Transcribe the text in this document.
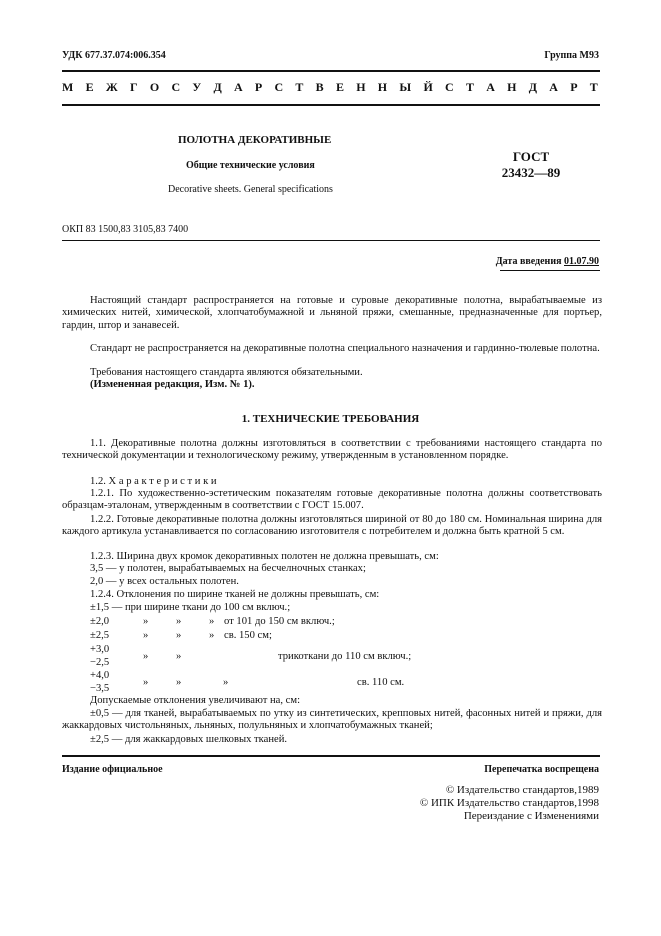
УДК 677.37.074:006.354	Группа М93
М Е Ж Г О С У Д А Р С Т В Е Н Н Ы Й С Т А Н Д А Р Т
ПОЛОТНА ДЕКОРАТИВНЫЕ
Общие технические условия
Decorative sheets. General specifications
ГОСТ
23432—89
ОКП 83 1500,83 3105,83 7400
Дата введения 01.07.90
Настоящий стандарт распространяется на готовые и суровые декоративные полотна, вырабатываемые из химических нитей, химической, хлопчатобумажной и льняной пряжи, смешанные, предназначенные для портьер, гардин, штор и занавесей.
Стандарт не распространяется на декоративные полотна специального назначения и гардинно-тюлевые полотна.
Требования настоящего стандарта являются обязательными.
(Измененная редакция, Изм. № 1).
1. ТЕХНИЧЕСКИЕ ТРЕБОВАНИЯ
1.1. Декоративные полотна должны изготовляться в соответствии с требованиями настоящего стандарта по технической документации и технологическому режиму, утвержденным в установленном порядке.
1.2. Х а р а к т е р и с т и к и
1.2.1. По художественно-эстетическим показателям готовые декоративные полотна должны соответствовать образцам-эталонам, утвержденным в соответствии с ГОСТ 15.007.
1.2.2. Готовые декоративные полотна должны изготовляться шириной от 80 до 180 см. Номинальная ширина для каждого артикула устанавливается по согласованию изготовителя с потребителем и должна быть кратной 5 см.
1.2.3. Ширина двух кромок декоративных полотен не должна превышать, см:
3,5 — у полотен, вырабатываемых на бесчелночных станках;
2,0 — у всех остальных полотен.
1.2.4. Отклонения по ширине тканей не должны превышать, см:
±1,5 — при ширине ткани до 100 см включ.;
±2,0	»	»	» от 101 до 150 см включ.;
±2,5	»	»	» св. 150 см;
+3,0
−2,5
»	»	трикоткани до 110 см включ.;
+4,0
−3,5
»	»	»	св. 110 см.
Допускаемые отклонения увеличивают на, см:
±0,5 — для тканей, вырабатываемых по утку из синтетических, крепповых нитей, фасонных нитей и пряжи, для жаккардовых чистольняных, льняных, полульняных и хлопчатобумажных тканей;
±2,5 — для жаккардовых шелковых тканей.
Издание официальное	Перепечатка воспрещена
© Издательство стандартов,1989
© ИПК Издательство стандартов,1998
Переиздание с Изменениями
